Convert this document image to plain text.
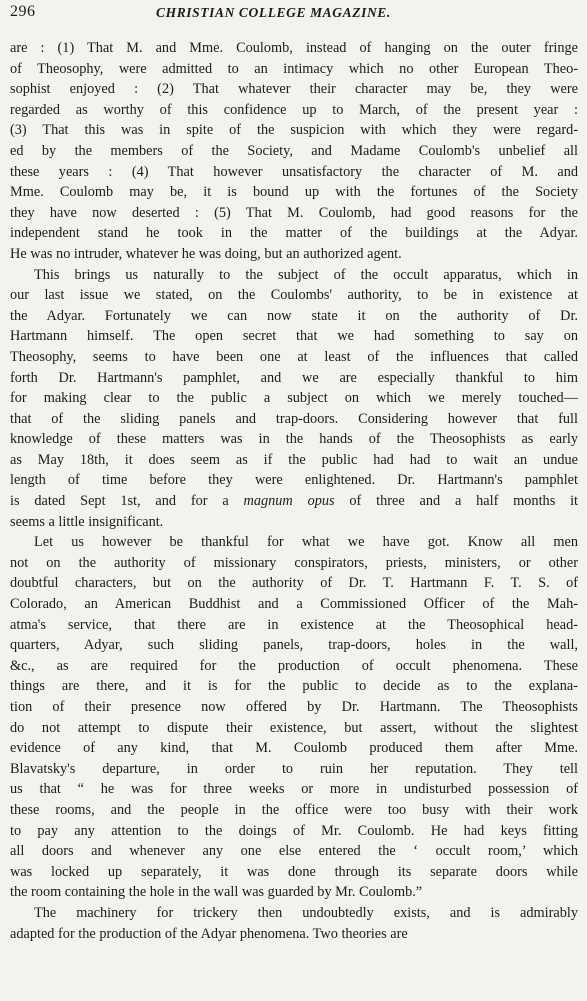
296	CHRISTIAN COLLEGE MAGAZINE.

are : (1) That M. and Mme. Coulomb, instead of hanging on the outer fringe
of Theosophy, were admitted to an intimacy which no other European Theo-
sophist enjoyed : (2) That whatever their character may be, they were
regarded as worthy of this confidence up to March, of the present year :
(3) That this was in spite of the suspicion with which they were regard-
ed by the members of the Society, and Madame Coulomb's unbelief all
these years : (4) That however unsatisfactory the character of M. and
Mme. Coulomb may be, it is bound up with the fortunes of the Society
they have now deserted : (5) That M. Coulomb, had good reasons for the
independent stand he took in the matter of the buildings at the Adyar.
He was no intruder, whatever he was doing, but an authorized agent.

This brings us naturally to the subject of the occult apparatus, which in
our last issue we stated, on the Coulombs' authority, to be in existence at
the Adyar. Fortunately we can now state it on the authority of Dr.
Hartmann himself. The open secret that we had something to say on
Theosophy, seems to have been one at least of the influences that called
forth Dr. Hartmann's pamphlet, and we are especially thankful to him
for making clear to the public a subject on which we merely touched—
that of the sliding panels and trap-doors. Considering however that full
knowledge of these matters was in the hands of the Theosophists as early
as May 18th, it does seem as if the public had had to wait an undue
length of time before they were enlightened. Dr. Hartmann's pamphlet
is dated Sept 1st, and for a magnum opus of three and a half months it
seems a little insignificant.

Let us however be thankful for what we have got. Know all men
not on the authority of missionary conspirators, priests, ministers, or other
doubtful characters, but on the authority of Dr. T. Hartmann F. T. S. of
Colorado, an American Buddhist and a Commissioned Officer of the Mah-
atma's service, that there are in existence at the Theosophical head-
quarters, Adyar, such sliding panels, trap-doors, holes in the wall,
&c., as are required for the production of occult phenomena. These
things are there, and it is for the public to decide as to the explana-
tion of their presence now offered by Dr. Hartmann. The Theosophists
do not attempt to dispute their existence, but assert, without the slightest
evidence of any kind, that M. Coulomb produced them after Mme.
Blavatsky's departure, in order to ruin her reputation. They tell
us that “ he was for three weeks or more in undisturbed possession of
these rooms, and the people in the office were too busy with their work
to pay any attention to the doings of Mr. Coulomb. He had keys fitting
all doors and whenever any one else entered the ‘ occult room,’ which
was locked up separately, it was done through its separate doors while
the room containing the hole in the wall was guarded by Mr. Coulomb.”

The machinery for trickery then undoubtedly exists, and is admirably
adapted for the production of the Adyar phenomena. Two theories are
